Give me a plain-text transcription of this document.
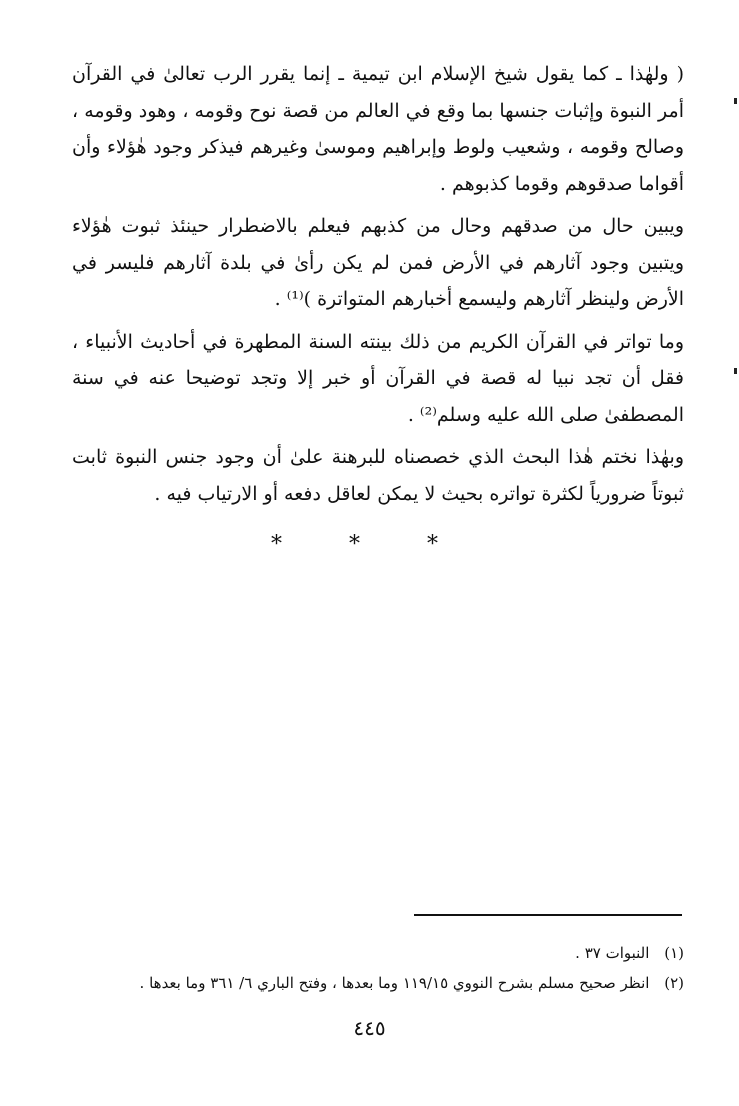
( ولهٰذا ـ كما يقول شيخ الإسلام ابن تيمية ـ إنما يقرر الرب تعالىٰ في القرآن أمر النبوة وإثبات جنسها بما وقع في العالم من قصة نوح وقومه ، وهود وقومه ، وصالح وقومه ، وشعيب ولوط وإبراهيم وموسىٰ وغيرهم فيذكر وجود هٰؤلاء وأن أقواما صدقوهم وقوما كذبوهم .

ويبين حال من صدقهم وحال من كذبهم فيعلم بالاضطرار حينئذ ثبوت هٰؤلاء ويتبين وجود آثارهم في الأرض فمن لم يكن رأىٰ في بلدة آثارهم فليسر في الأرض ولينظر آثارهم وليسمع أخبارهم المتواترة )⁽¹⁾ .

وما تواتر في القرآن الكريم من ذلك بينته السنة المطهرة في أحاديث الأنبياء ، فقل أن تجد نبيا له قصة في القرآن أو خبر إلا وتجد توضيحا عنه في سنة المصطفىٰ صلى الله عليه وسلم⁽²⁾ .

وبهٰذا نختم هٰذا البحث الذي خصصناه للبرهنة علىٰ أن وجود جنس النبوة ثابت ثبوتاً ضرورياً لكثرة تواتره بحيث لا يمكن لعاقل دفعه أو الارتياب فيه .

* * *
(١) النبوات ٣٧ .
(٢) انظر صحيح مسلم بشرح النووي ١١٩/١٥ وما بعدها ، وفتح الباري ٦/ ٣٦١ وما بعدها .
٤٤٥
